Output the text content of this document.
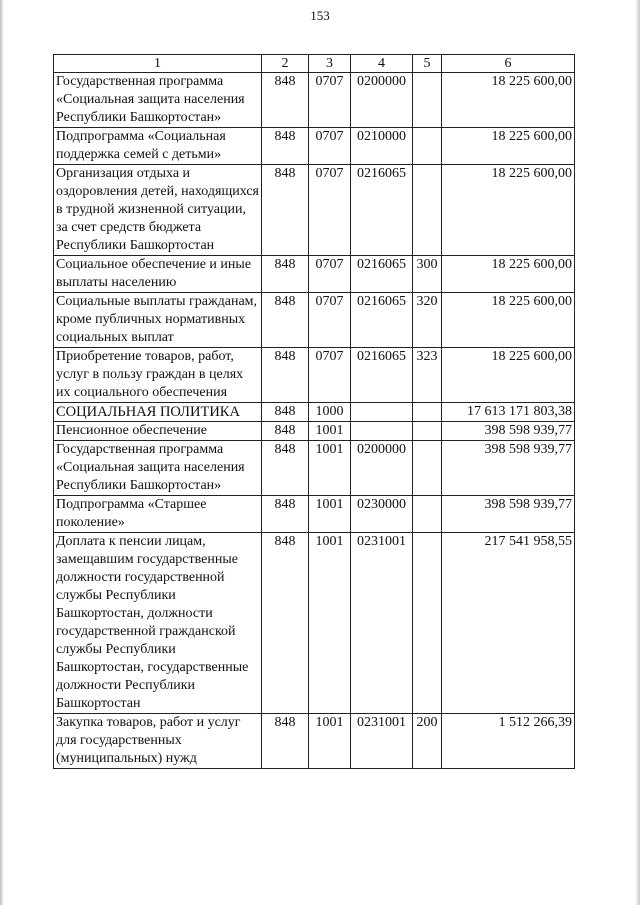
153
1	2	3	4	5	6
Государственная программа «Социальная защита населения Республики Башкортостан»	848	0707	0200000		18 225 600,00
Подпрограмма «Социальная поддержка семей с детьми»	848	0707	0210000		18 225 600,00
Организация отдыха и оздоровления детей, находящихся в трудной жизненной ситуации, за счет средств бюджета Республики Башкортостан	848	0707	0216065		18 225 600,00
Социальное обеспечение и иные выплаты населению	848	0707	0216065	300	18 225 600,00
Социальные выплаты гражданам, кроме публичных нормативных социальных выплат	848	0707	0216065	320	18 225 600,00
Приобретение товаров, работ, услуг в пользу граждан в целях их социального обеспечения	848	0707	0216065	323	18 225 600,00
СОЦИАЛЬНАЯ ПОЛИТИКА	848	1000			17 613 171 803,38
Пенсионное обеспечение	848	1001			398 598 939,77
Государственная программа «Социальная защита населения Республики Башкортостан»	848	1001	0200000		398 598 939,77
Подпрограмма «Старшее поколение»	848	1001	0230000		398 598 939,77
Доплата к пенсии лицам, замещавшим государственные должности государственной службы Республики Башкортостан, должности государственной гражданской службы Республики Башкортостан, государственные должности Республики Башкортостан	848	1001	0231001		217 541 958,55
Закупка товаров, работ и услуг для государственных (муниципальных) нужд	848	1001	0231001	200	1 512 266,39
